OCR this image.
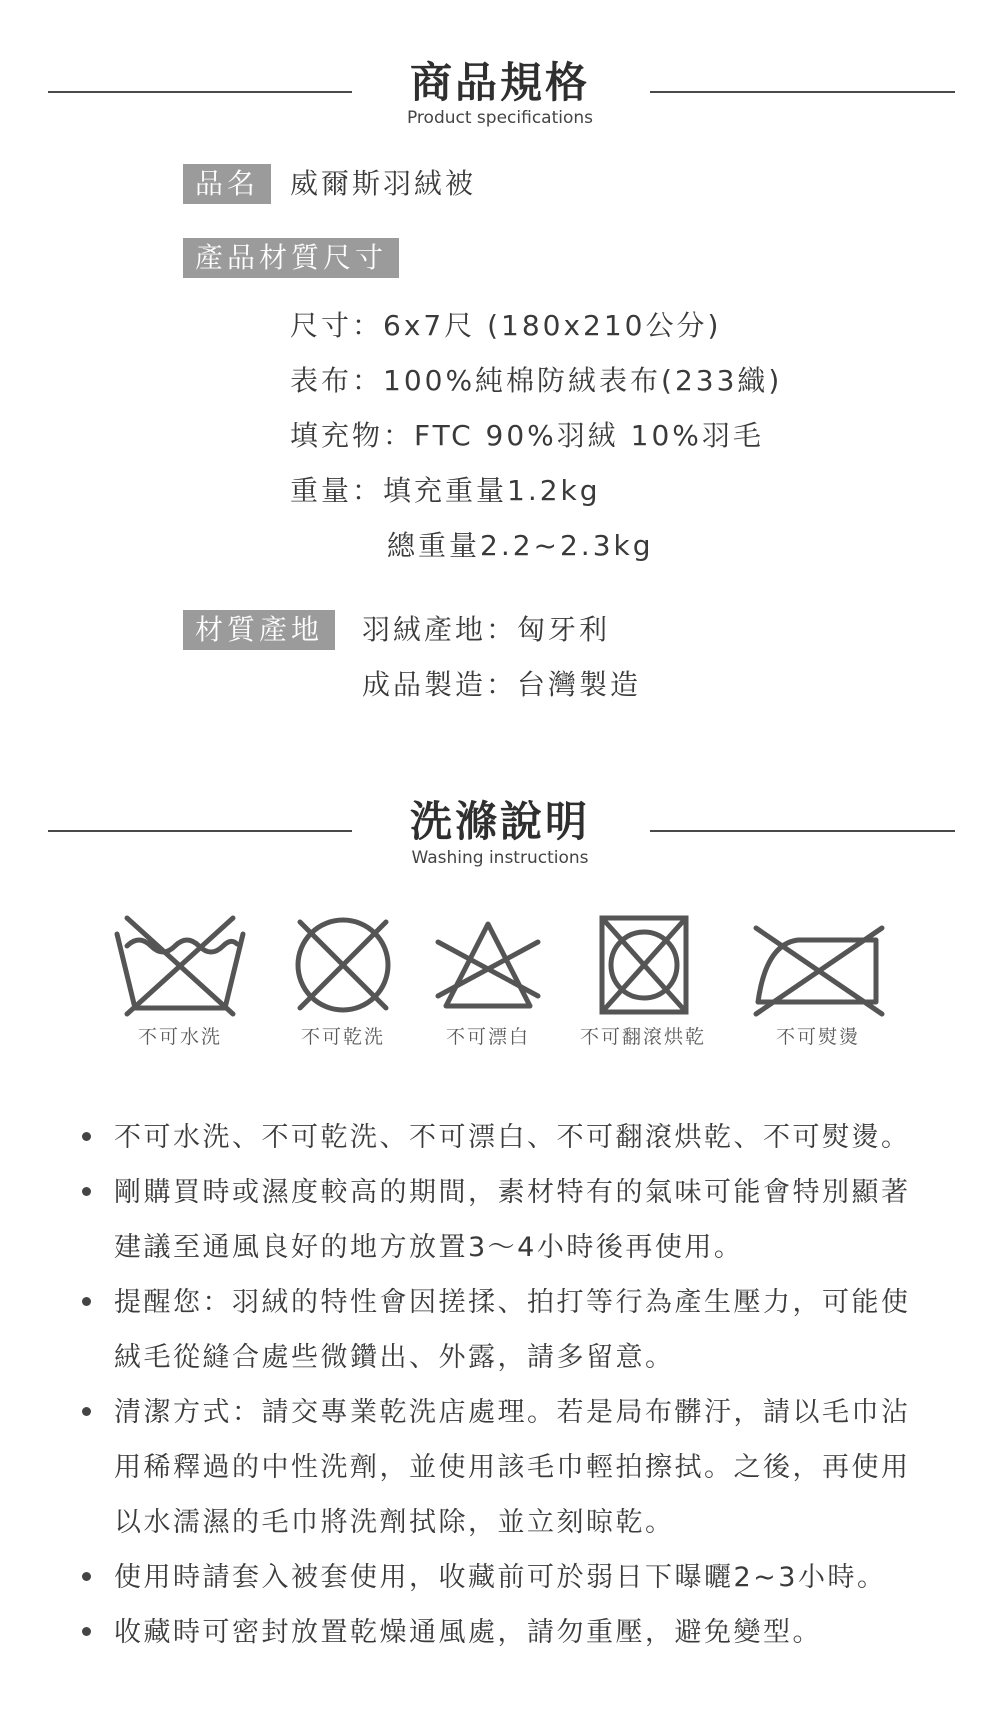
商品規格
Product specifications
品名	威爾斯羽絨被
產品材質尺寸
尺寸：6x7尺 (180x210公分)
表布：100%純棉防絨表布(233織)
填充物：FTC 90%羽絨 10%羽毛
重量：填充重量1.2kg
總重量2.2~2.3kg
材質產地	羽絨產地：匈牙利
成品製造：台灣製造
洗滌說明
Washing instructions
不可水洗	不可乾洗	不可漂白	不可翻滾烘乾	不可熨燙
不可水洗、不可乾洗、不可漂白、不可翻滾烘乾、不可熨燙。
剛購買時或濕度較高的期間，素材特有的氣味可能會特別顯著
建議至通風良好的地方放置3～4小時後再使用。
提醒您：羽絨的特性會因搓揉、拍打等行為產生壓力，可能使
絨毛從縫合處些微鑽出、外露，請多留意。
清潔方式：請交專業乾洗店處理。若是局布髒汙，請以毛巾沾
用稀釋過的中性洗劑，並使用該毛巾輕拍擦拭。之後，再使用
以水濡濕的毛巾將洗劑拭除，並立刻晾乾。
使用時請套入被套使用，收藏前可於弱日下曝曬2~3小時。
收藏時可密封放置乾燥通風處，請勿重壓，避免變型。
